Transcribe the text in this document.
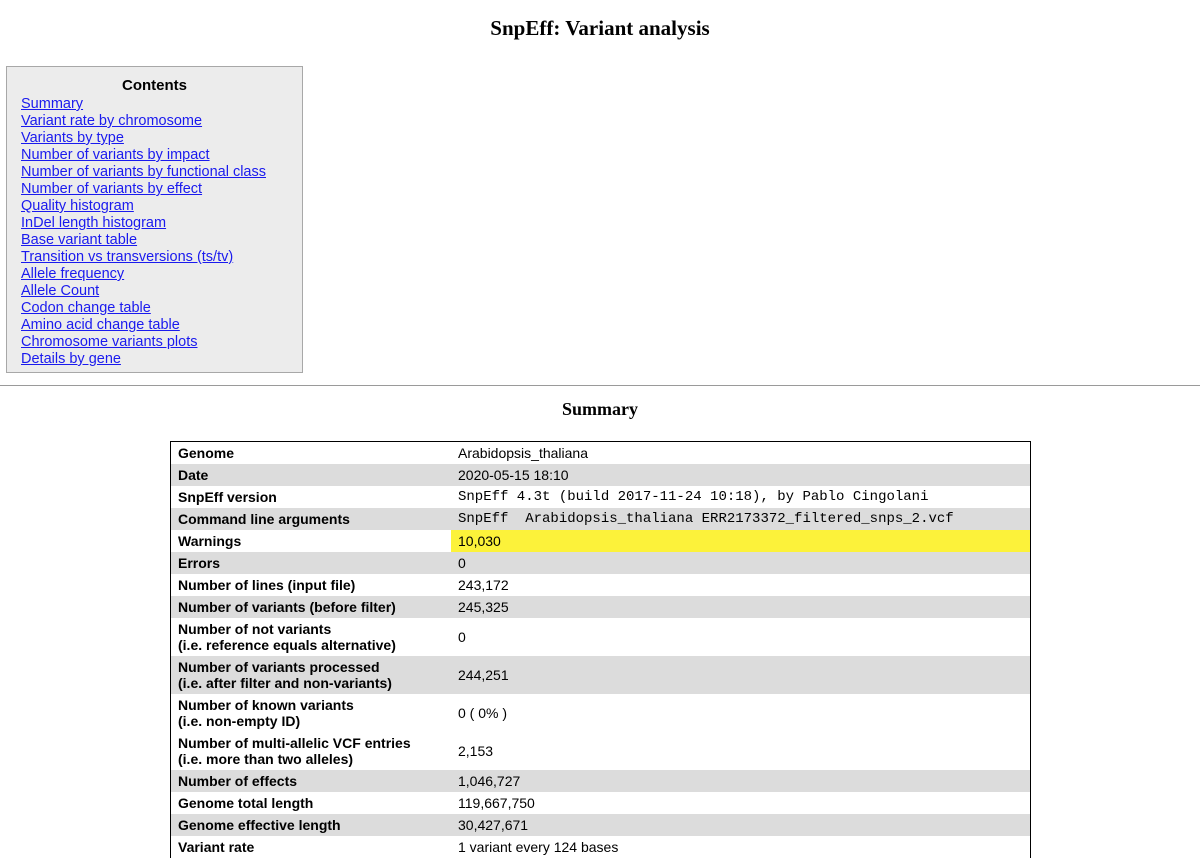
SnpEff: Variant analysis
Contents
Summary
Variant rate by chromosome
Variants by type
Number of variants by impact
Number of variants by functional class
Number of variants by effect
Quality histogram
InDel length histogram
Base variant table
Transition vs transversions (ts/tv)
Allele frequency
Allele Count
Codon change table
Amino acid change table
Chromosome variants plots
Details by gene
Summary
Genome	Arabidopsis_thaliana
Date	2020-05-15 18:10
SnpEff version	SnpEff 4.3t (build 2017-11-24 10:18), by Pablo Cingolani
Command line arguments	SnpEff  Arabidopsis_thaliana ERR2173372_filtered_snps_2.vcf
Warnings	10,030
Errors	0
Number of lines (input file)	243,172
Number of variants (before filter)	245,325
Number of not variants
(i.e. reference equals alternative)	0
Number of variants processed
(i.e. after filter and non-variants)	244,251
Number of known variants
(i.e. non-empty ID)	0 ( 0% )
Number of multi-allelic VCF entries
(i.e. more than two alleles)	2,153
Number of effects	1,046,727
Genome total length	119,667,750
Genome effective length	30,427,671
Variant rate	1 variant every 124 bases
